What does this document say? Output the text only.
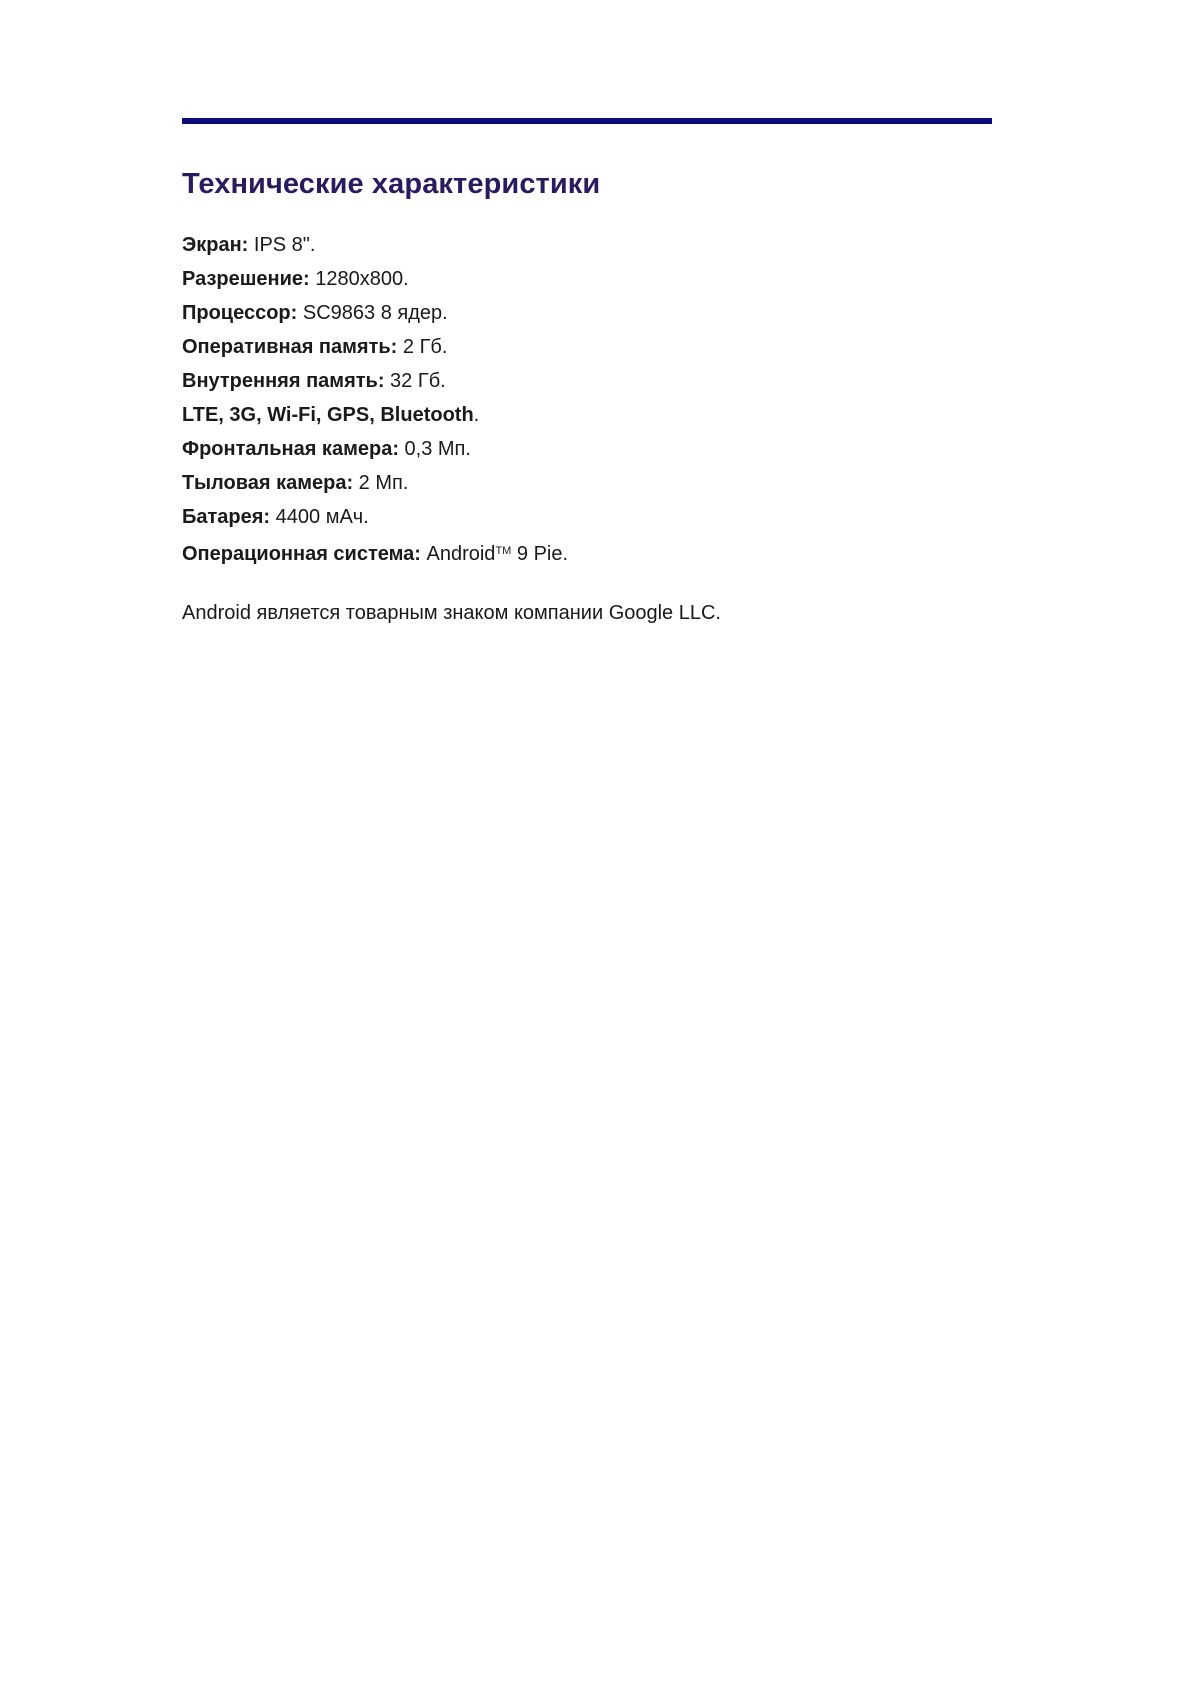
Технические характеристики
Экран: IPS 8".
Разрешение: 1280x800.
Процессор: SC9863 8 ядер.
Оперативная память: 2 Гб.
Внутренняя память: 32 Гб.
LTE, 3G, Wi-Fi, GPS, Bluetooth.
Фронтальная камера: 0,3 Мп.
Тыловая камера: 2 Мп.
Батарея: 4400 мАч.
Операционная система: Android™ 9 Pie.

Android является товарным знаком компании Google LLC.
